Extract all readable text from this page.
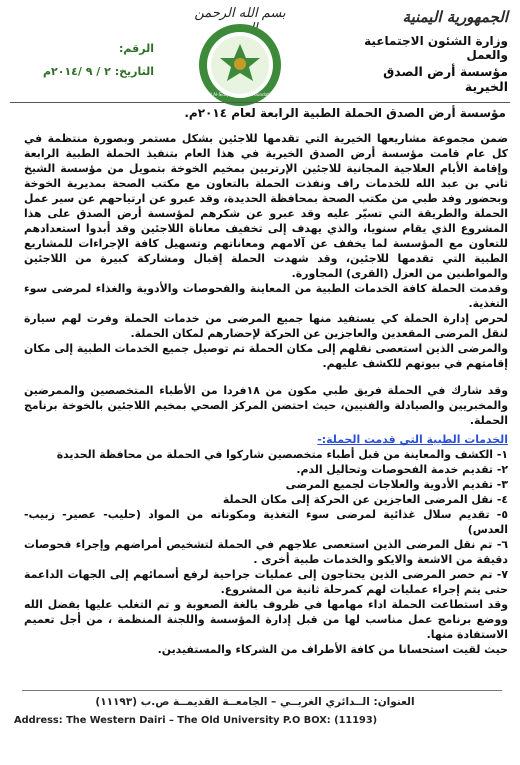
بسم الله الرحمن	الجمهورية اليمنية
وزارة الشئون الاجتماعية والعمل
مؤسسة أرض الصدق الخيرية
Ard Al-Sidq Charitable Foundation
الرقم:
التاريخ: ٢ / ٩ /٢٠١٤م
مؤسسة أرض الصدق الحملة الطبية الرابعة لعام ٢٠١٤م.

ضمن مجموعة مشاريعها الخيرية التي تقدمها للاجئين بشكل مستمر وبصورة منتظمة في كل عام قامت مؤسسة أرض الصدق الخيرية في هذا العام بتنفيذ الحملة الطبية الرابعة وإقامة الأيام العلاجية المجانية للاجئين الإرتريين بمخيم الخوخة بتمويل من مؤسسة الشيخ ثاني بن عبد الله للخدمات راف ونفذت الحملة بالتعاون مع مكتب الصحة بمديرية الخوخة وبحضور وفد طبي من مكتب الصحة بمحافظة الحديدة، وقد عبرو عن ارتياحهم عن سير عمل الحملة والطريقة التي تسيّر عليه وقد عبرو عن شكرهم لمؤسسة أرض الصدق على هذا المشروع الذي يقام سنويا، والذي يهدف إلى تخفيف معاناة اللاجئين وقد أبدوا استعدادهم للتعاون مع المؤسسة لما يخفف عن آلامهم ومعاناتهم وتسهيل كافة الإجراءات للمشاريع الطبية التي تقدمها للاجئين، وقد شهدت الحملة إقبال ومشاركة كبيرة من اللاجئين والمواطنين من العزل (القرى) المجاورة.

وقدمت الحملة كافة الخدمات الطبية من المعاينة والفحوصات والأدوية والغذاء لمرضى سوء التغذية.

لحرص إدارة الحملة كي يستفيد منها جميع المرضى من خدمات الحملة وفرت لهم سيارة لنقل المرضى المقعدين والعاجزين عن الحركة لإحضارهم لمكان الحملة.

والمرضى الذين استعصى نقلهم إلى مكان الحملة تم توصيل جميع الخدمات الطبية إلى مكان إقامتهم في بيوتهم للكشف عليهم.

وقد شارك في الحملة فريق طبي مكون من ١٨فردا من الأطباء المتخصصين والممرضين والمخبريين والصيادلة والفنيين، حيث احتضن المركز الصحي بمخيم اللاجئين بالخوخة برنامج الحملة.

الخدمات الطبية التي قدمت الحملة:-

١- الكشف والمعاينة من قبل أطباء متخصصين شاركوا في الحملة من محافظة الحديدة
٢- تقديم خدمة الفحوصات وتحاليل الدم.
٣- تقديم الأدوية والعلاجات لجميع المرضى
٤- نقل المرضى العاجزين عن الحركة إلى مكان الحملة
٥- تقديم سلال غذائية لمرضى سوء التغذية ومكوناته من المواد (حليب- عصير- زبيب- العدس)
٦- تم نقل المرضى الذين استعصى علاجهم في الحملة لتشخيص أمراضهم وإجراء فحوصات دقيقة من الاشعة والايكو والخدمات طبية أخرى .
٧- تم حصر المرضى الذين يحتاجون إلى عمليات جراحية لرفع أسمائهم إلى الجهات الداعمة حتى يتم إجراء عمليات لهم كمرحلة ثانية من المشروع.

وقد استطاعت الحملة اداء مهامها في ظروف بالغة الصعوبة و تم التغلب عليها بفضل الله ووضع برنامج عمل مناسب لها من قبل إدارة المؤسسة واللجنة المنظمة ، من أجل تعميم الاستفادة منها.

حيث لقيت استحسانا من كافة الأطراف من الشركاء والمستفيدين.

العنوان: الــدائري الغربــي – الجامعــة القديمــة ص.ب (١١١٩٣)
Address: The Western Dairi – The Old University P.O BOX: (11193)
